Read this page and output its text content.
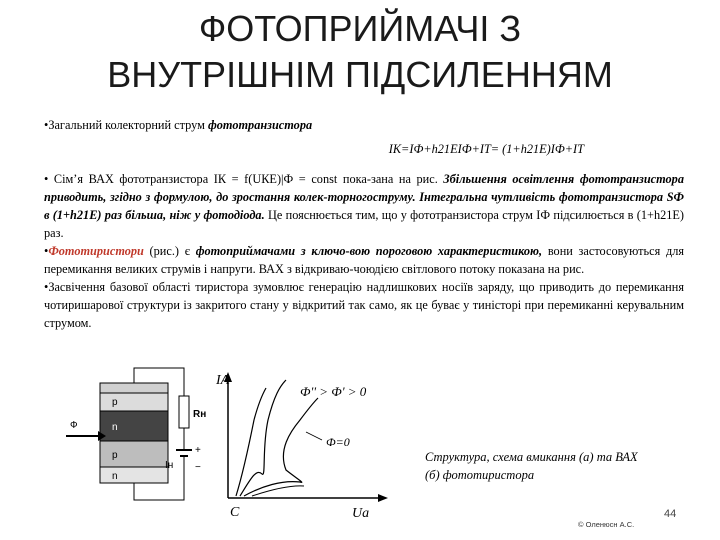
ФОТОПРИЙМАЧІ З
ВНУТРІШНІМ ПІДСИЛЕННЯМ

•Загальний колекторний струм фототранзистора

IК=IФ+h21ЕIФ+IТ= (1+h21Е)IФ+IТ

• Сім’я ВАХ фототранзистора IК = f(UКЕ)|Ф = const пока-зана на рис. Збільшення освітлення фототранзистора приводить, згідно з формулою, до зростання колек-торногострумy. Інтегральна чутливість фототранзистора SФ в (1+h21Е) раз більша, ніж у фотодіода. Це пояснюється тим, що у фототранзистора струм IФ підсилюється в (1+h21Е) раз.

•Фототиристори (рис.) є фотоприймачами з ключо-вою пороговою характеристикою, вони застосовуються для перемикання великих струмів і напруги. ВАХ з відкриваю-чоюдією світлового потоку показана на рис.

•Засвічення базової області тиристора зумовлює генерацію надлишкових носіїв заряду, що приводить до перемикання чотиришарової структури із закритого стану у відкритий так само, як це буває у тиністорі при перемиканні керувальним струмом.

p
n
p
n
Ф
Rн
+
−
Iн
IA
Ua
C
Ф'' > Ф' > 0
Ф=0
Структура, схема вмикання (а) та ВАХ (б) фототиристора
44
© Оленюсн А.С.
